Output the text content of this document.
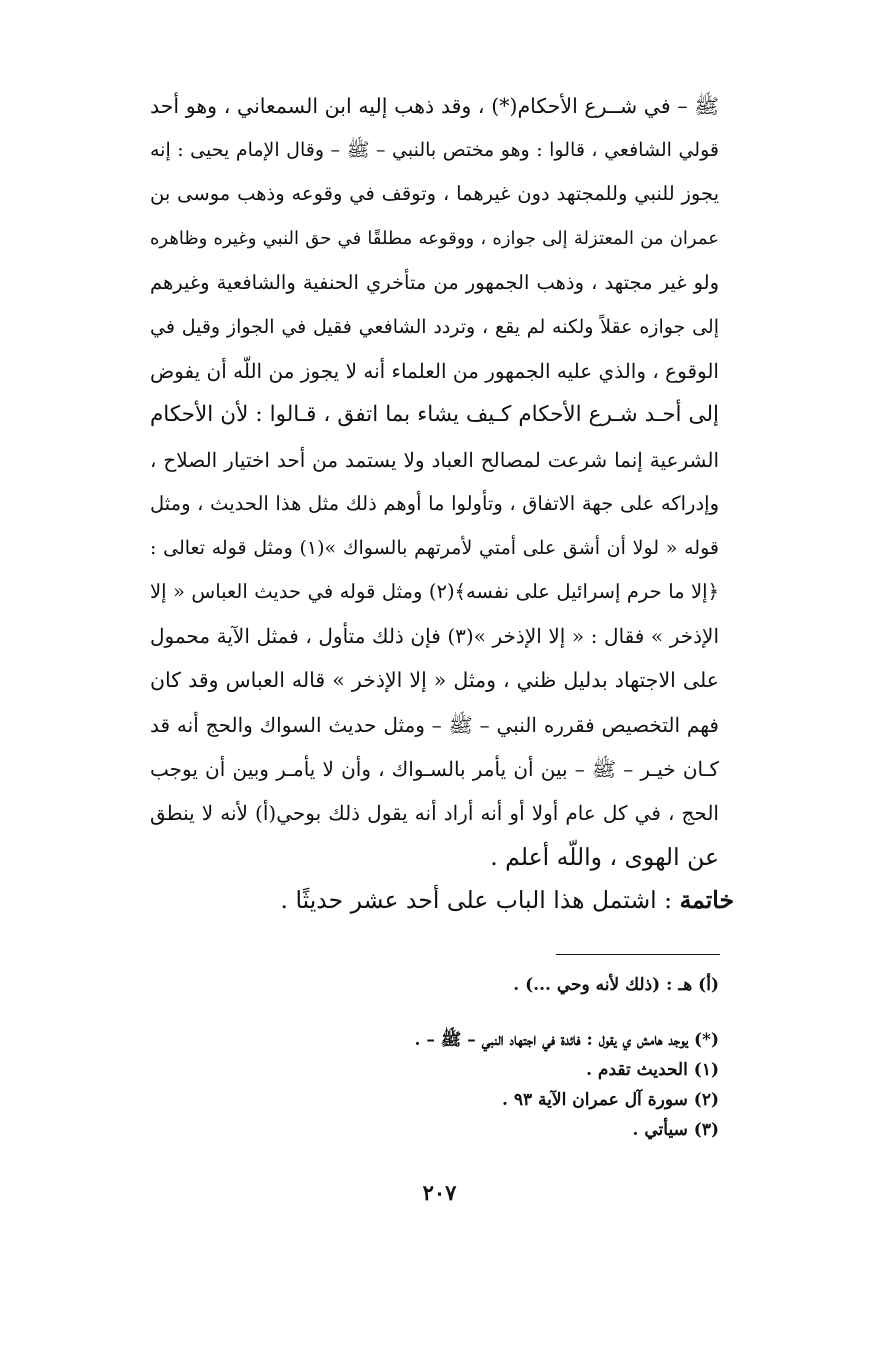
ﷺ – في شــرع الأحكام(*) ، وقد ذهب إليه ابن السمعاني ، وهو أحد
قولي الشافعي ، قالوا : وهو مختص بالنبي – ﷺ – وقال الإمام يحيى : إنه
يجوز للنبي وللمجتهد دون غيرهما ، وتوقف في وقوعه وذهب موسى بن
عمران من المعتزلة إلى جوازه ، ووقوعه مطلقًا في حق النبي وغيره وظاهره
ولو غير مجتهد ، وذهب الجمهور من متأخري الحنفية والشافعية وغيرهم
إلى جوازه عقلاً ولكنه لم يقع ، وتردد الشافعي فقيل في الجواز وقيل في
الوقوع ، والذي عليه الجمهور من العلماء أنه لا يجوز من اللّه أن يفوض
إلى أحـد شـرع الأحكام كـيف يشاء بما اتفق ، قـالوا : لأن الأحكام
الشرعية إنما شرعت لمصالح العباد ولا يستمد من أحد اختيار الصلاح ،
وإدراكه على جهة الاتفاق ، وتأولوا ما أوهم ذلك مثل هذا الحديث ، ومثل
قوله « لولا أن أشق على أمتي لأمرتهم بالسواك »(١) ومثل قوله تعالى :
﴿إلا ما حرم إسرائيل على نفسه﴾(٢) ومثل قوله في حديث العباس « إلا
الإذخر » فقال : « إلا الإذخر »(٣) فإن ذلك متأول ، فمثل الآية محمول
على الاجتهاد بدليل ظني ، ومثل « إلا الإذخر » قاله العباس وقد كان
فهم التخصيص فقرره النبي – ﷺ – ومثل حديث السواك والحج أنه قد
كـان خيـر – ﷺ – بين أن يأمر بالسـواك ، وأن لا يأمـر وبين أن يوجب
الحج ، في كل عام أولا أو أنه أراد أنه يقول ذلك بوحي(أ) لأنه لا ينطق
عن الهوى ، واللّه أعلم .
خاتمة : اشتمل هذا الباب على أحد عشر حديثًا .
(أ) هـ : (ذلك لأنه وحي ...) .
(*) يوجد هامش ي يقول : فائدة في اجتهاد النبي – ﷺ – .
(١) الحديث تقدم .
(٢) سورة آل عمران الآية ٩٣ .
(٣) سيأتي .
٢٠٧
